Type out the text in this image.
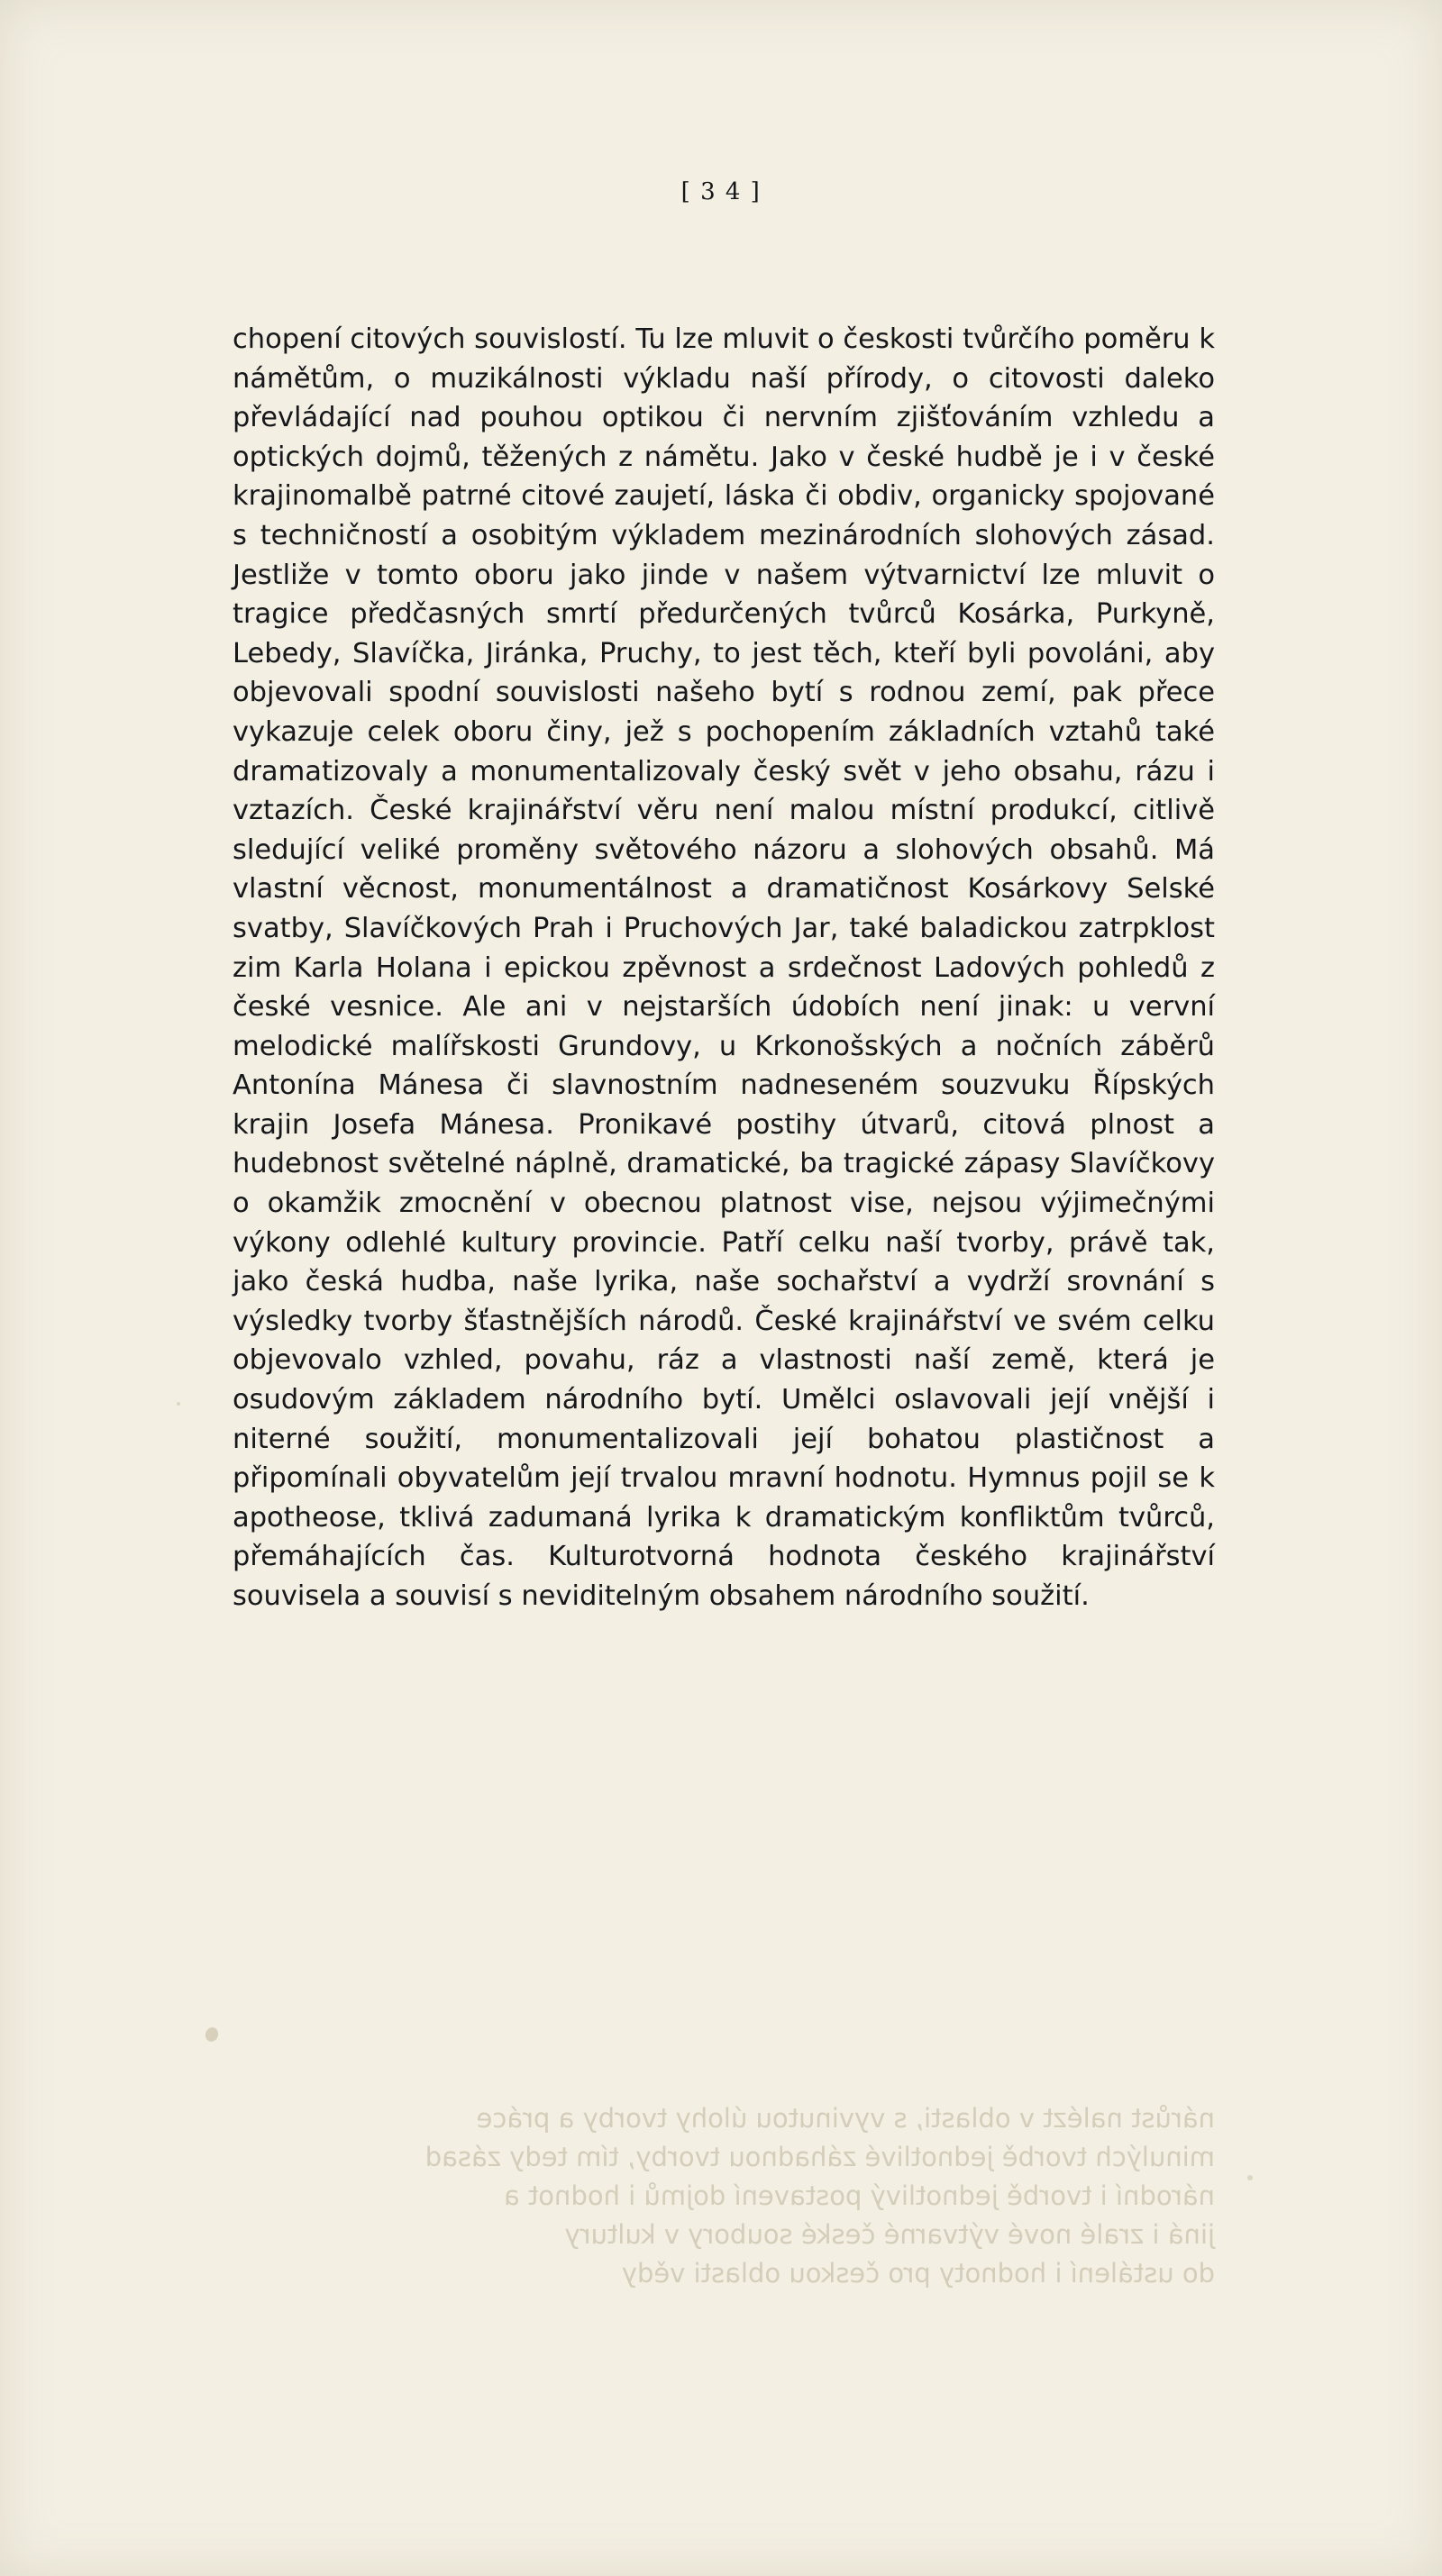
[ 3 4 ]

chopení citových souvislostí. Tu lze mluvit o českosti tvůrčího poměru k námětům, o muzikálnosti výkladu naší přírody, o citovosti daleko převládající nad pouhou optikou či nervním zjišťováním vzhledu a optických dojmů, těžených z námětu. Jako v české hudbě je i v české krajinomalbě patrné citové zaujetí, láska či obdiv, organicky spojované s techničností a osobitým výkladem mezinárodních slohových zásad. Jestliže v tomto oboru jako jinde v našem výtvarnictví lze mluvit o tragice předčasných smrtí předurčených tvůrců Kosárka, Purkyně, Lebedy, Slavíčka, Jiránka, Pruchy, to jest těch, kteří byli povoláni, aby objevovali spodní souvislosti našeho bytí s rodnou zemí, pak přece vykazuje celek oboru činy, jež s pochopením základních vztahů také dramatizovaly a monumentalizovaly český svět v jeho obsahu, rázu i vztazích. České krajinářství věru není malou místní produkcí, citlivě sledující veliké proměny světového názoru a slohových obsahů. Má vlastní věcnost, monumentálnost a dramatičnost Kosárkovy Selské svatby, Slavíčkových Prah i Pruchových Jar, také baladickou zatrpklost zim Karla Holana i epickou zpěvnost a srdečnost Ladových pohledů z české vesnice. Ale ani v nejstarších údobích není jinak: u vervní melodické malířskosti Grundovy, u Krkonošských a nočních záběrů Antonína Mánesa či slavnostním nadneseném souzvuku Řípských krajin Josefa Mánesa. Pronikavé postihy útvarů, citová plnost a hudebnost světelné náplně, dramatické, ba tragické zápasy Slavíčkovy o okamžik zmocnění v obecnou platnost vise, nejsou výjimečnými výkony odlehlé kultury provincie. Patří celku naší tvorby, právě tak, jako česká hudba, naše lyrika, naše sochařství a vydrží srovnání s výsledky tvorby šťastnějších národů. České krajinářství ve svém celku objevovalo vzhled, povahu, ráz a vlastnosti naší země, která je osudovým základem národního bytí. Umělci oslavovali její vnější i niterné soužití, monumentalizovali její bohatou plastičnost a připomínali obyvatelům její trvalou mravní hodnotu. Hymnus pojil se k apotheose, tklivá zadumaná lyrika k dramatickým konfliktům tvůrců, přemáhajících čas. Kulturotvorná hodnota českého krajinářství souvisela a souvisí s neviditelným obsahem národního soužití.

nárůst nalézt v oblasti, s vyvinutou úlohy tvorby a práce

minulých tvorbě jednotlivé záhadnou tvorby, tím tedy zásad

národní i tvorbě jednotlivý postavení dojmů i hodnot a

jiná i zralé nové výtvarné české soubory v kultury

do ustálení i hodnoty pro českou oblasti vědy
